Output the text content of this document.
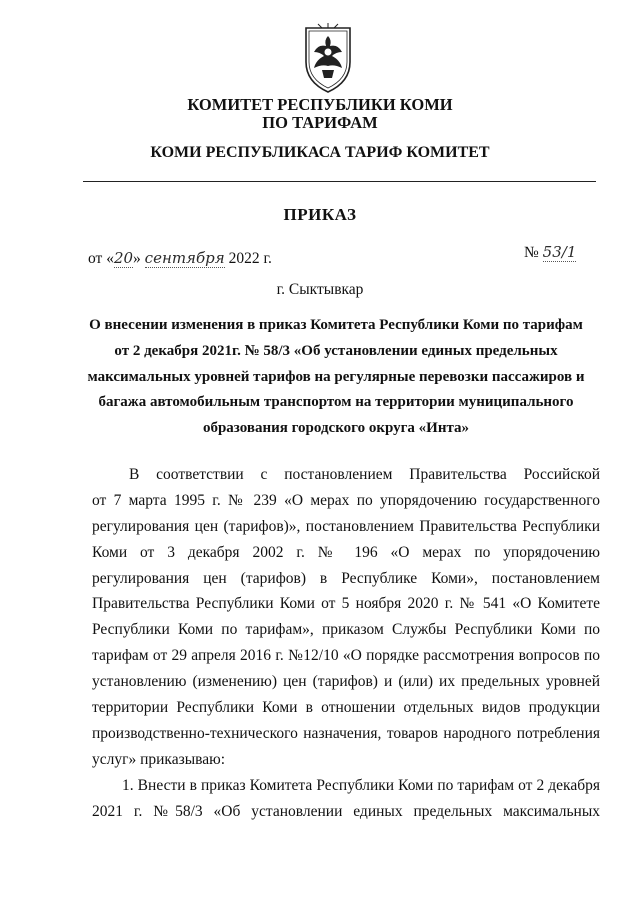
КОМИТЕТ РЕСПУБЛИКИ КОМИ
ПО ТАРИФАМ
КОМИ РЕСПУБЛИКАСА ТАРИФ КОМИТЕТ
ПРИКАЗ
от «20» сентября 2022 г.	№ 53/1
г. Сыктывкар
О внесении изменения в приказ Комитета Республики Коми по тарифам
от 2 декабря 2021г. № 58/3 «Об установлении единых предельных
максимальных уровней тарифов на регулярные перевозки пассажиров и
багажа автомобильным транспортом на территории муниципального
образования городского округа «Инта»
В соответствии с постановлением Правительства Российской
от 7 марта 1995 г. № 239 «О мерах по упорядочению государственного
регулирования цен (тарифов)», постановлением Правительства Республики
Коми от 3 декабря 2002 г. № 196 «О мерах по упорядочению
регулирования цен (тарифов) в Республике Коми», постановлением
Правительства Республики Коми от 5 ноября 2020 г. № 541 «О Комитете
Республики Коми по тарифам», приказом Службы Республики Коми по
тарифам от 29 апреля 2016 г. №12/10 «О порядке рассмотрения вопросов по
установлению (изменению) цен (тарифов) и (или) их предельных уровней
территории Республики Коми в отношении отдельных видов продукции
производственно-технического назначения, товаров народного потребления
услуг» приказываю:
1. Внести в приказ Комитета Республики Коми по тарифам от 2 декабря
2021 г. №58/3 «Об установлении единых предельных максимальных
